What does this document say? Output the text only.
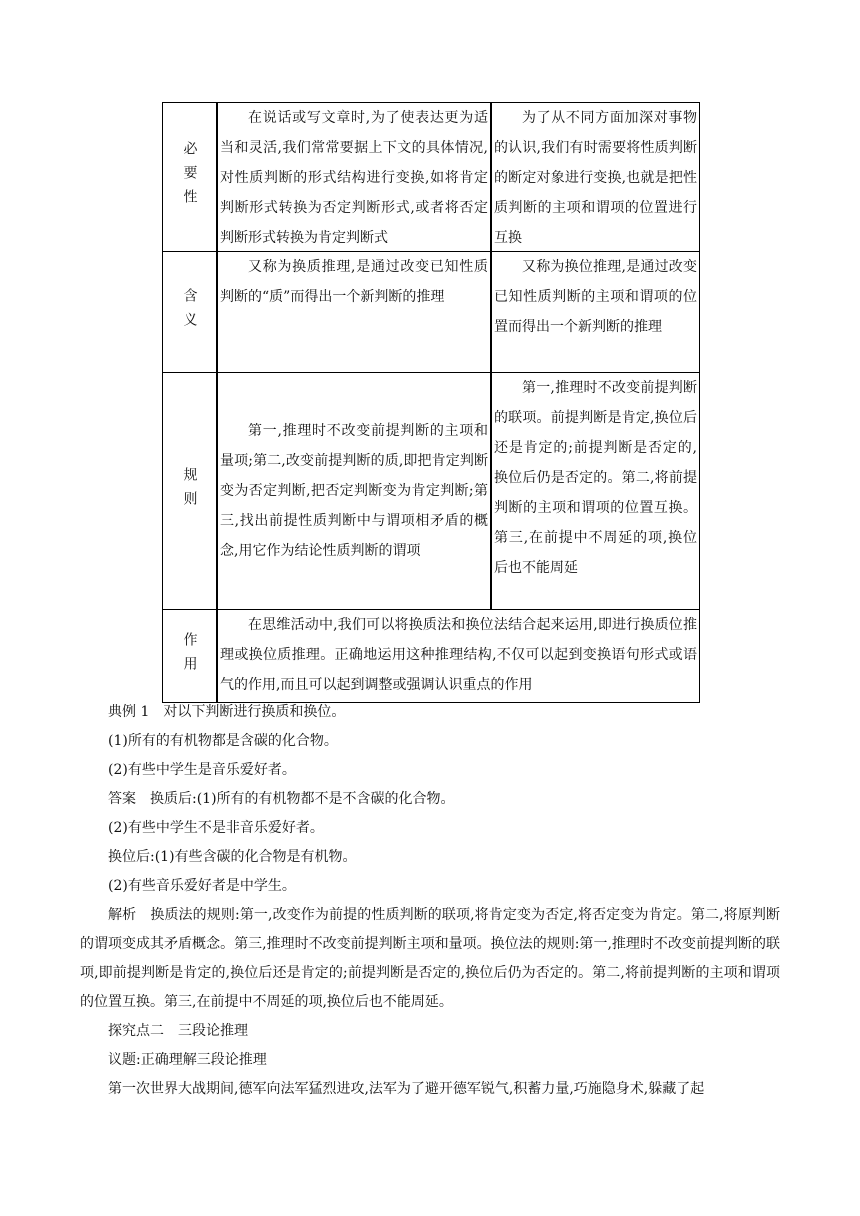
必要性
在说话或写文章时,为了使表达更为适当和灵活,我们常常要据上下文的具体情况,对性质判断的形式结构进行变换,如将肯定判断形式转换为否定判断形式,或者将否定判断形式转换为肯定判断式
为了从不同方面加深对事物的认识,我们有时需要将性质判断的断定对象进行变换,也就是把性质判断的主项和谓项的位置进行互换
含义
又称为换质推理,是通过改变已知性质判断的“质”而得出一个新判断的推理
又称为换位推理,是通过改变已知性质判断的主项和谓项的位置而得出一个新判断的推理
规则
第一,推理时不改变前提判断的主项和量项;第二,改变前提判断的质,即把肯定判断变为否定判断,把否定判断变为肯定判断;第三,找出前提性质判断中与谓项相矛盾的概念,用它作为结论性质判断的谓项
第一,推理时不改变前提判断的联项。前提判断是肯定,换位后还是肯定的;前提判断是否定的,换位后仍是否定的。第二,将前提判断的主项和谓项的位置互换。第三,在前提中不周延的项,换位后也不能周延
作用
在思维活动中,我们可以将换质法和换位法结合起来运用,即进行换质位推理或换位质推理。正确地运用这种推理结构,不仅可以起到变换语句形式或语气的作用,而且可以起到调整或强调认识重点的作用
典例 1　对以下判断进行换质和换位。
(1)所有的有机物都是含碳的化合物。
(2)有些中学生是音乐爱好者。
答案　换质后:(1)所有的有机物都不是不含碳的化合物。
(2)有些中学生不是非音乐爱好者。
换位后:(1)有些含碳的化合物是有机物。
(2)有些音乐爱好者是中学生。
解析　换质法的规则:第一,改变作为前提的性质判断的联项,将肯定变为否定,将否定变为肯定。第二,将原判断的谓项变成其矛盾概念。第三,推理时不改变前提判断主项和量项。换位法的规则:第一,推理时不改变前提判断的联项,即前提判断是肯定的,换位后还是肯定的;前提判断是否定的,换位后仍为否定的。第二,将前提判断的主项和谓项的位置互换。第三,在前提中不周延的项,换位后也不能周延。
探究点二　三段论推理
议题:正确理解三段论推理
第一次世界大战期间,德军向法军猛烈进攻,法军为了避开德军锐气,积蓄力量,巧施隐身术,躲藏了起
